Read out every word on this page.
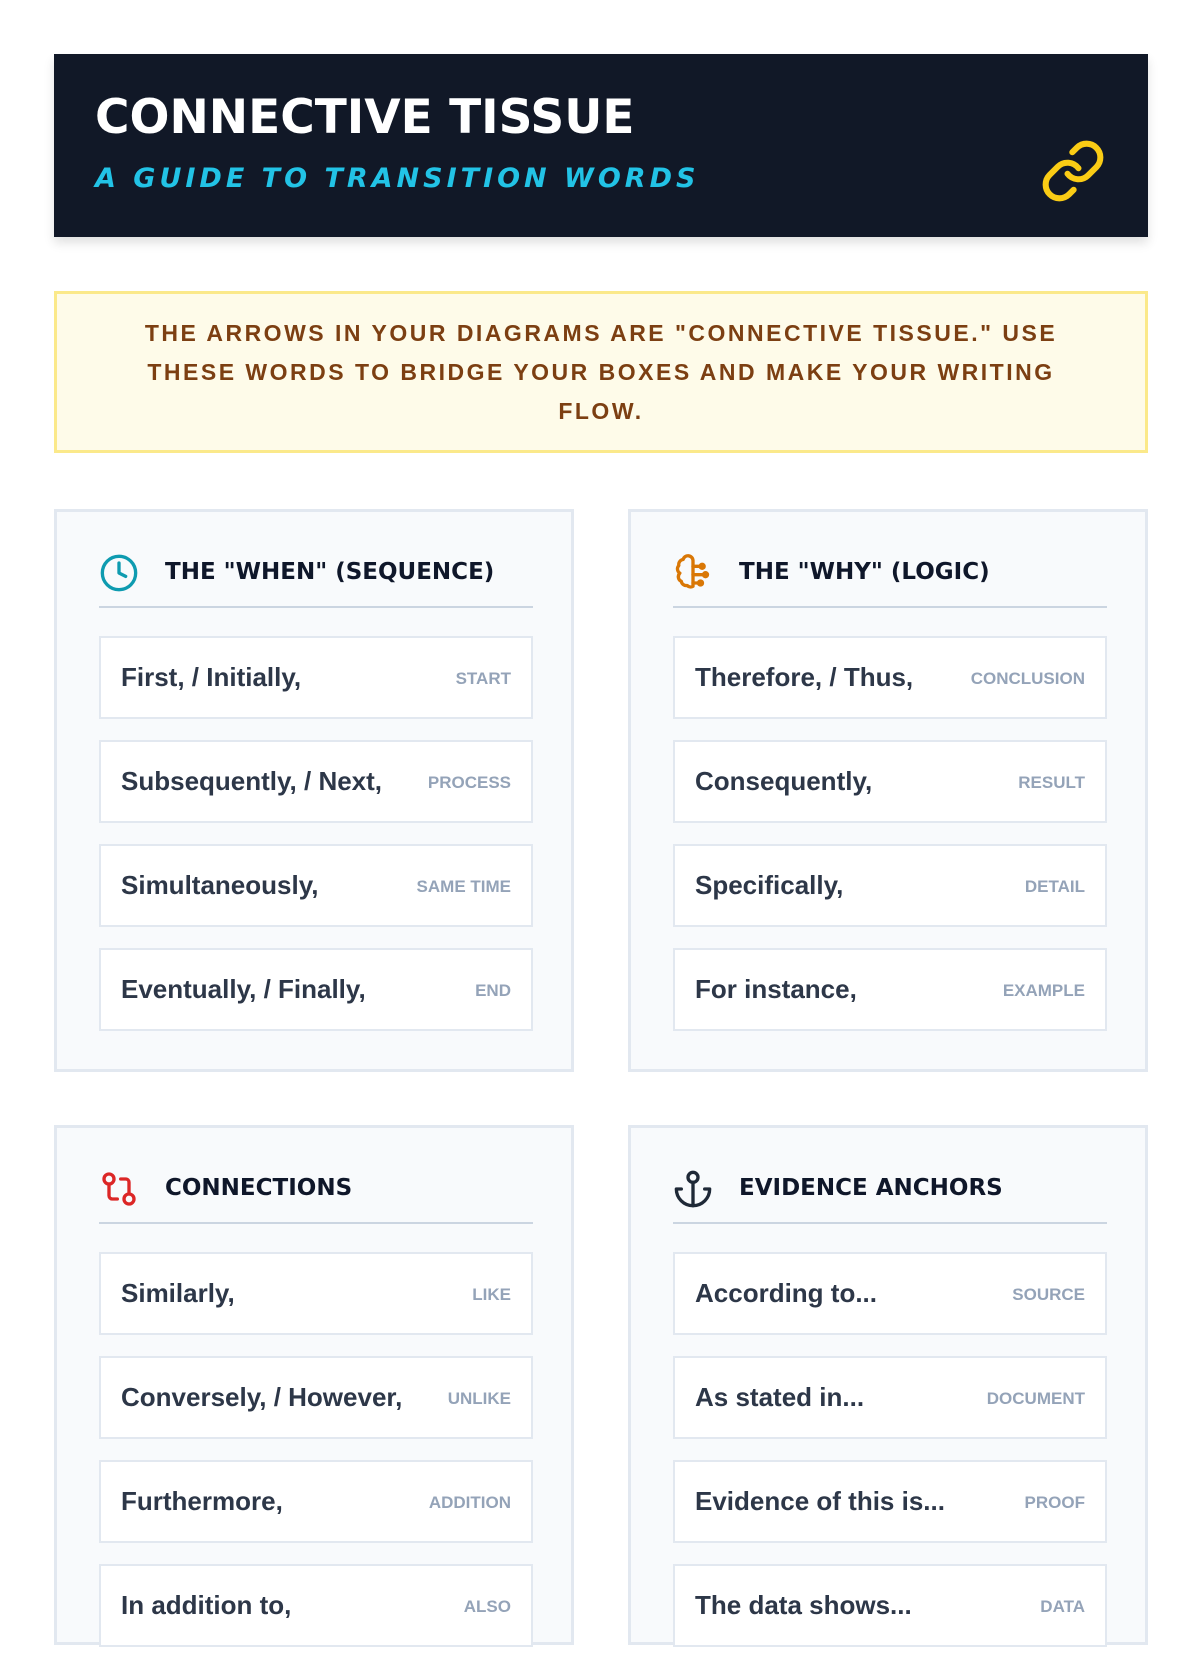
CONNECTIVE TISSUE
A GUIDE TO TRANSITION WORDS
THE ARROWS IN YOUR DIAGRAMS ARE "CONNECTIVE TISSUE." USE THESE WORDS TO BRIDGE YOUR BOXES AND MAKE YOUR WRITING FLOW.
THE "WHEN" (SEQUENCE)
First, / Initially,	START
Subsequently, / Next,	PROCESS
Simultaneously,	SAME TIME
Eventually, / Finally,	END
THE "WHY" (LOGIC)
Therefore, / Thus,	CONCLUSION
Consequently,	RESULT
Specifically,	DETAIL
For instance,	EXAMPLE
CONNECTIONS
Similarly,	LIKE
Conversely, / However,	UNLIKE
Furthermore,	ADDITION
In addition to,	ALSO
EVIDENCE ANCHORS
According to...	SOURCE
As stated in...	DOCUMENT
Evidence of this is...	PROOF
The data shows...	DATA
